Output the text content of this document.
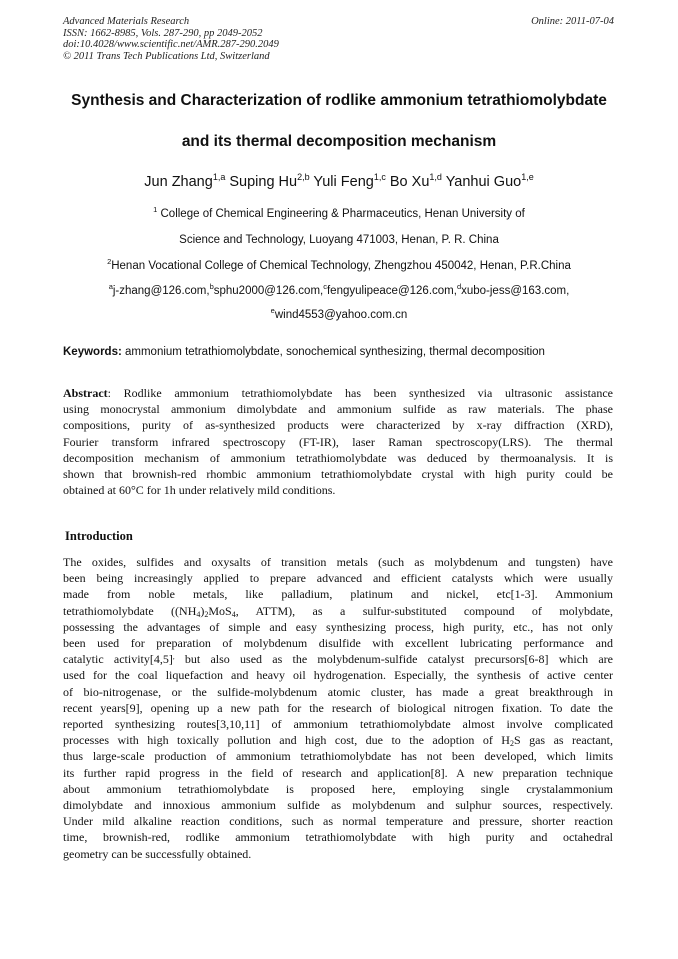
Advanced Materials Research
ISSN: 1662-8985, Vols. 287-290, pp 2049-2052
doi:10.4028/www.scientific.net/AMR.287-290.2049
© 2011 Trans Tech Publications Ltd, Switzerland
Online: 2011-07-04
Synthesis and Characterization of rodlike ammonium tetrathiomolybdate
and its thermal decomposition mechanism
Jun Zhang$^{1,a}$ Suping Hu$^{2,b}$ Yuli Feng$^{1,c}$ Bo Xu$^{1,d}$ Yanhui Guo$^{1,e}$
$^1$ College of Chemical Engineering & Pharmaceutics, Henan University of
Science and Technology, Luoyang 471003, Henan, P. R. China
$^2$Henan Vocational College of Chemical Technology, Zhengzhou 450042, Henan, P.R.China
$^a$j-zhang@126.com,$^b$sphu2000@126.com,$^c$fengyulipeace@126.com,$^d$xubo-jess@163.com,
$^e$wind4553@yahoo.com.cn
Keywords: ammonium tetrathiomolybdate, sonochemical synthesizing, thermal decomposition
Abstract: Rodlike ammonium tetrathiomolybdate has been synthesized via ultrasonic assistance
using monocrystal ammonium dimolybdate and ammonium sulfide as raw materials. The phase
compositions, purity of as-synthesized products were characterized by x-ray diffraction (XRD),
Fourier transform infrared spectroscopy (FT-IR), laser Raman spectroscopy(LRS). The thermal
decomposition mechanism of ammonium tetrathiomolybdate was deduced by thermoanalysis. It is
shown that brownish-red rhombic ammonium tetrathiomolybdate crystal with high purity could be
obtained at 60°C for 1h under relatively mild conditions.
Introduction
The oxides, sulfides and oxysalts of transition metals (such as molybdenum and tungsten) have
been being increasingly applied to prepare advanced and efficient catalysts which were usually
made from noble metals, like palladium, platinum and nickel, etc[1-3]. Ammonium
tetrathiomolybdate ($(NH_4)_2MoS_4$, ATTM), as a sulfur-substituted compound of molybdate,
possessing the advantages of simple and easy synthesizing process, high purity, etc., has not only
been used for preparation of molybdenum disulfide with excellent lubricating performance and
catalytic activity[4,5], but also used as the molybdenum-sulfide catalyst precursors[6-8] which are
used for the coal liquefaction and heavy oil hydrogenation. Especially, the synthesis of active center
of bio-nitrogenase, or the sulfide-molybdenum atomic cluster, has made a great breakthrough in
recent years[9], opening up a new path for the research of biological nitrogen fixation. To date the
reported synthesizing routes[3,10,11] of ammonium tetrathiomolybdate almost involve complicated
processes with high toxically pollution and high cost, due to the adoption of $H_2S$ gas as reactant,
thus large-scale production of ammonium tetrathiomolybdate has not been developed, which limits
its further rapid progress in the field of research and application[8]. A new preparation technique
about ammonium tetrathiomolybdate is proposed here, employing single crystalammonium
dimolybdate and innoxious ammonium sulfide as molybdenum and sulphur sources, respectively.
Under mild alkaline reaction conditions, such as normal temperature and pressure, shorter reaction
time, brownish-red, rodlike ammonium tetrathiomolybdate with high purity and octahedral
geometry can be successfully obtained.
